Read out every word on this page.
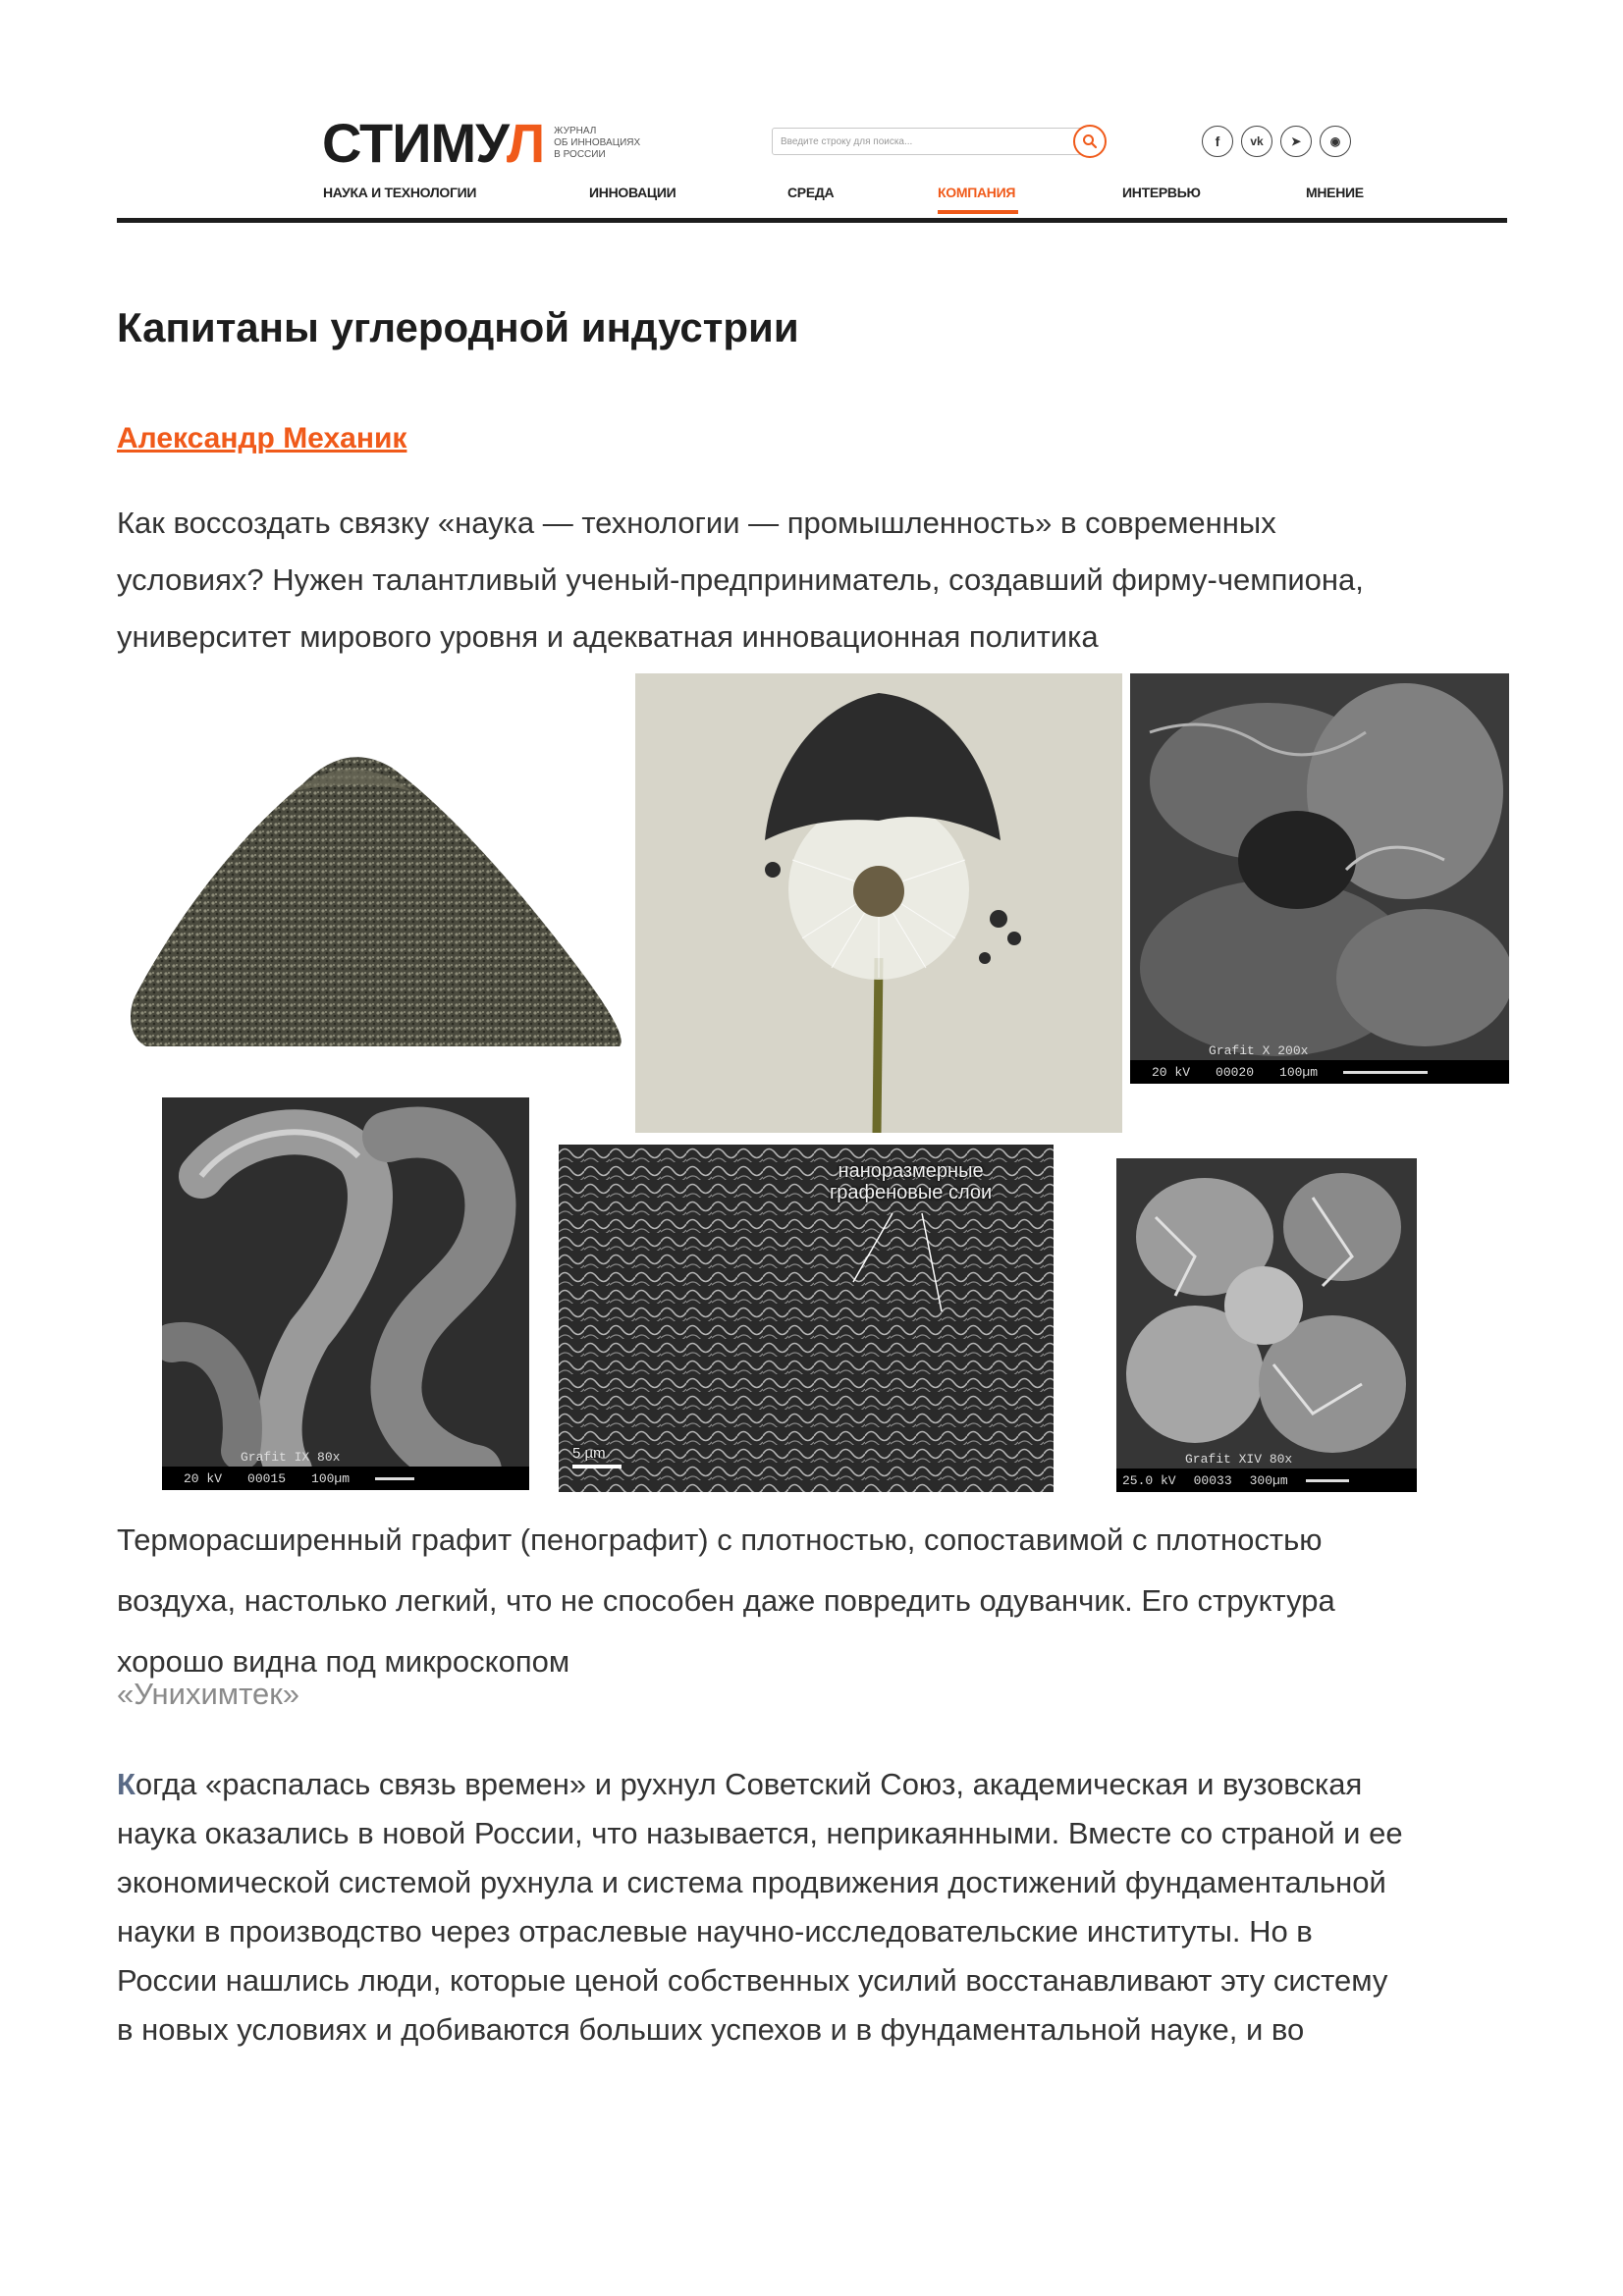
СТИМУЛ ЖУРНАЛ
ОБ ИННОВАЦИЯХ
В РОССИИ
Введите строку для поиска...
f	vk	➤	◉
НАУКА И ТЕХНОЛОГИИ	ИННОВАЦИИ	СРЕДА	КОМПАНИЯ	ИНТЕРВЬЮ	МНЕНИЕ
Капитаны углеродной индустрии
Александр Механик
Как воссоздать связку «наука — технологии — промышленность» в современных
условиях? Нужен талантливый ученый-предприниматель, создавший фирму-чемпиона,
университет мирового уровня и адекватная инновационная политика
Grafit X 200x
20 kV 00020 100µm
Grafit IX 80x
20 kV 00015 100µm
наноразмерные
графеновые слои
5 µm	Grafit XIV 80x
25.0 kV 00033 300µm
Терморасширенный графит (пенографит) с плотностью, сопоставимой с плотностью
воздуха, настолько легкий, что не способен даже повредить одуванчик. Его структура
хорошо видна под микроскопом
«Унихимтек»
Когда «распалась связь времен» и рухнул Советский Союз, академическая и вузовская
наука оказались в новой России, что называется, неприкаянными. Вместе со страной и ее
экономической системой рухнула и система продвижения достижений фундаментальной
науки в производство через отраслевые научно-исследовательские институты. Но в
России нашлись люди, которые ценой собственных усилий восстанавливают эту систему
в новых условиях и добиваются больших успехов и в фундаментальной науке, и во
